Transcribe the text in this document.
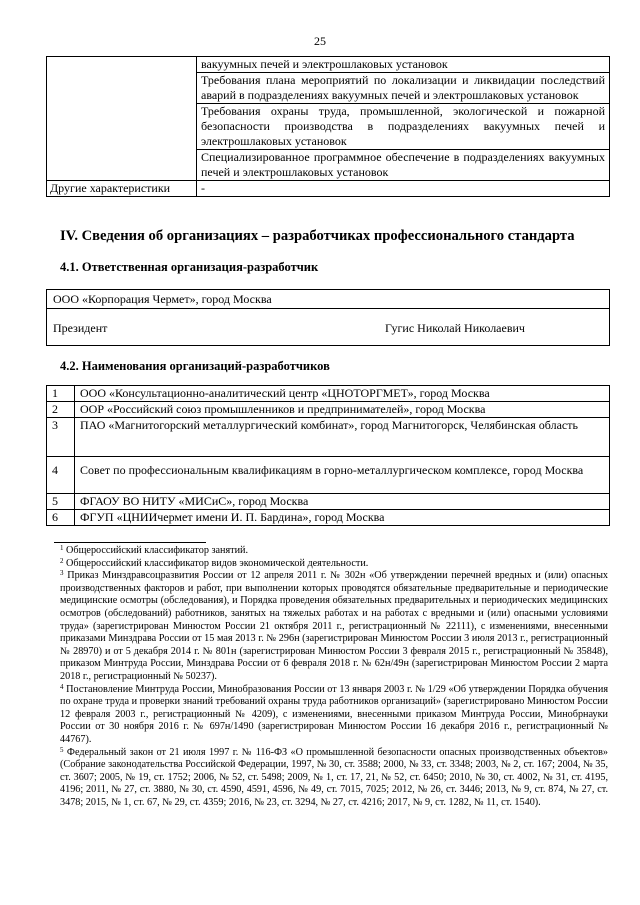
25
	вакуумных печей и электрошлаковых установок
	Требования плана мероприятий по локализации и ликвидации последствий аварий в подразделениях вакуумных печей и электрошлаковых установок
	Требования охраны труда, промышленной, экологической и пожарной безопасности производства в подразделениях вакуумных печей и электрошлаковых установок
	Специализированное программное обеспечение в подразделениях вакуумных печей и электрошлаковых установок
Другие характеристики	-
IV. Сведения об организациях – разработчиках профессионального стандарта
4.1. Ответственная организация-разработчик
ООО «Корпорация Чермет», город Москва
Президент	Гугис Николай Николаевич
4.2. Наименования организаций-разработчиков
1	ООО «Консультационно-аналитический центр «ЦНОТОРГМЕТ», город Москва
2	ООР «Российский союз промышленников и предпринимателей», город Москва
3	ПАО «Магнитогорский металлургический комбинат», город Магнитогорск, Челябинская область
4	Совет по профессиональным квалификациям в горно-металлургическом комплексе, город Москва
5	ФГАОУ ВО НИТУ «МИСиС», город Москва
6	ФГУП «ЦНИИчермет имени И. П. Бардина», город Москва

$^1$ Общероссийский классификатор занятий.

$^2$ Общероссийский классификатор видов экономической деятельности.

$^3$ Приказ Минздравсоцразвития России от 12 апреля 2011 г. № 302н «Об утверждении перечней вредных и (или) опасных производственных факторов и работ, при выполнении которых проводятся обязательные предварительные и периодические медицинские осмотры (обследования), и Порядка проведения обязательных предварительных и периодических медицинских осмотров (обследований) работников, занятых на тяжелых работах и на работах с вредными и (или) опасными условиями труда» (зарегистрирован Минюстом России 21 октября 2011 г., регистрационный № 22111), с изменениями, внесенными приказами Минздрава России от 15 мая 2013 г. № 296н (зарегистрирован Минюстом России 3 июля 2013 г., регистрационный № 28970) и от 5 декабря 2014 г. № 801н (зарегистрирован Минюстом России 3 февраля 2015 г., регистрационный № 35848), приказом Минтруда России, Минздрава России от 6 февраля 2018 г. № 62н/49н (зарегистрирован Минюстом России 2 марта 2018 г., регистрационный № 50237).

$^4$ Постановление Минтруда России, Минобразования России от 13 января 2003 г. № 1/29 «Об утверждении Порядка обучения по охране труда и проверки знаний требований охраны труда работников организаций» (зарегистрировано Минюстом России 12 февраля 2003 г., регистрационный № 4209), с изменениями, внесенными приказом Минтруда России, Минобрнауки России от 30 ноября 2016 г. № 697н/1490 (зарегистрирован Минюстом России 16 декабря 2016 г., регистрационный № 44767).

$^5$ Федеральный закон от 21 июля 1997 г. № 116-ФЗ «О промышленной безопасности опасных производственных объектов» (Собрание законодательства Российской Федерации, 1997, № 30, ст. 3588; 2000, № 33, ст. 3348; 2003, № 2, ст. 167; 2004, № 35, ст. 3607; 2005, № 19, ст. 1752; 2006, № 52, ст. 5498; 2009, № 1, ст. 17, 21, № 52, ст. 6450; 2010, № 30, ст. 4002, № 31, ст. 4195, 4196; 2011, № 27, ст. 3880, № 30, ст. 4590, 4591, 4596, № 49, ст. 7015, 7025; 2012, № 26, ст. 3446; 2013, № 9, ст. 874, № 27, ст. 3478; 2015, № 1, ст. 67, № 29, ст. 4359; 2016, № 23, ст. 3294, № 27, ст. 4216; 2017, № 9, ст. 1282, № 11, ст. 1540).
